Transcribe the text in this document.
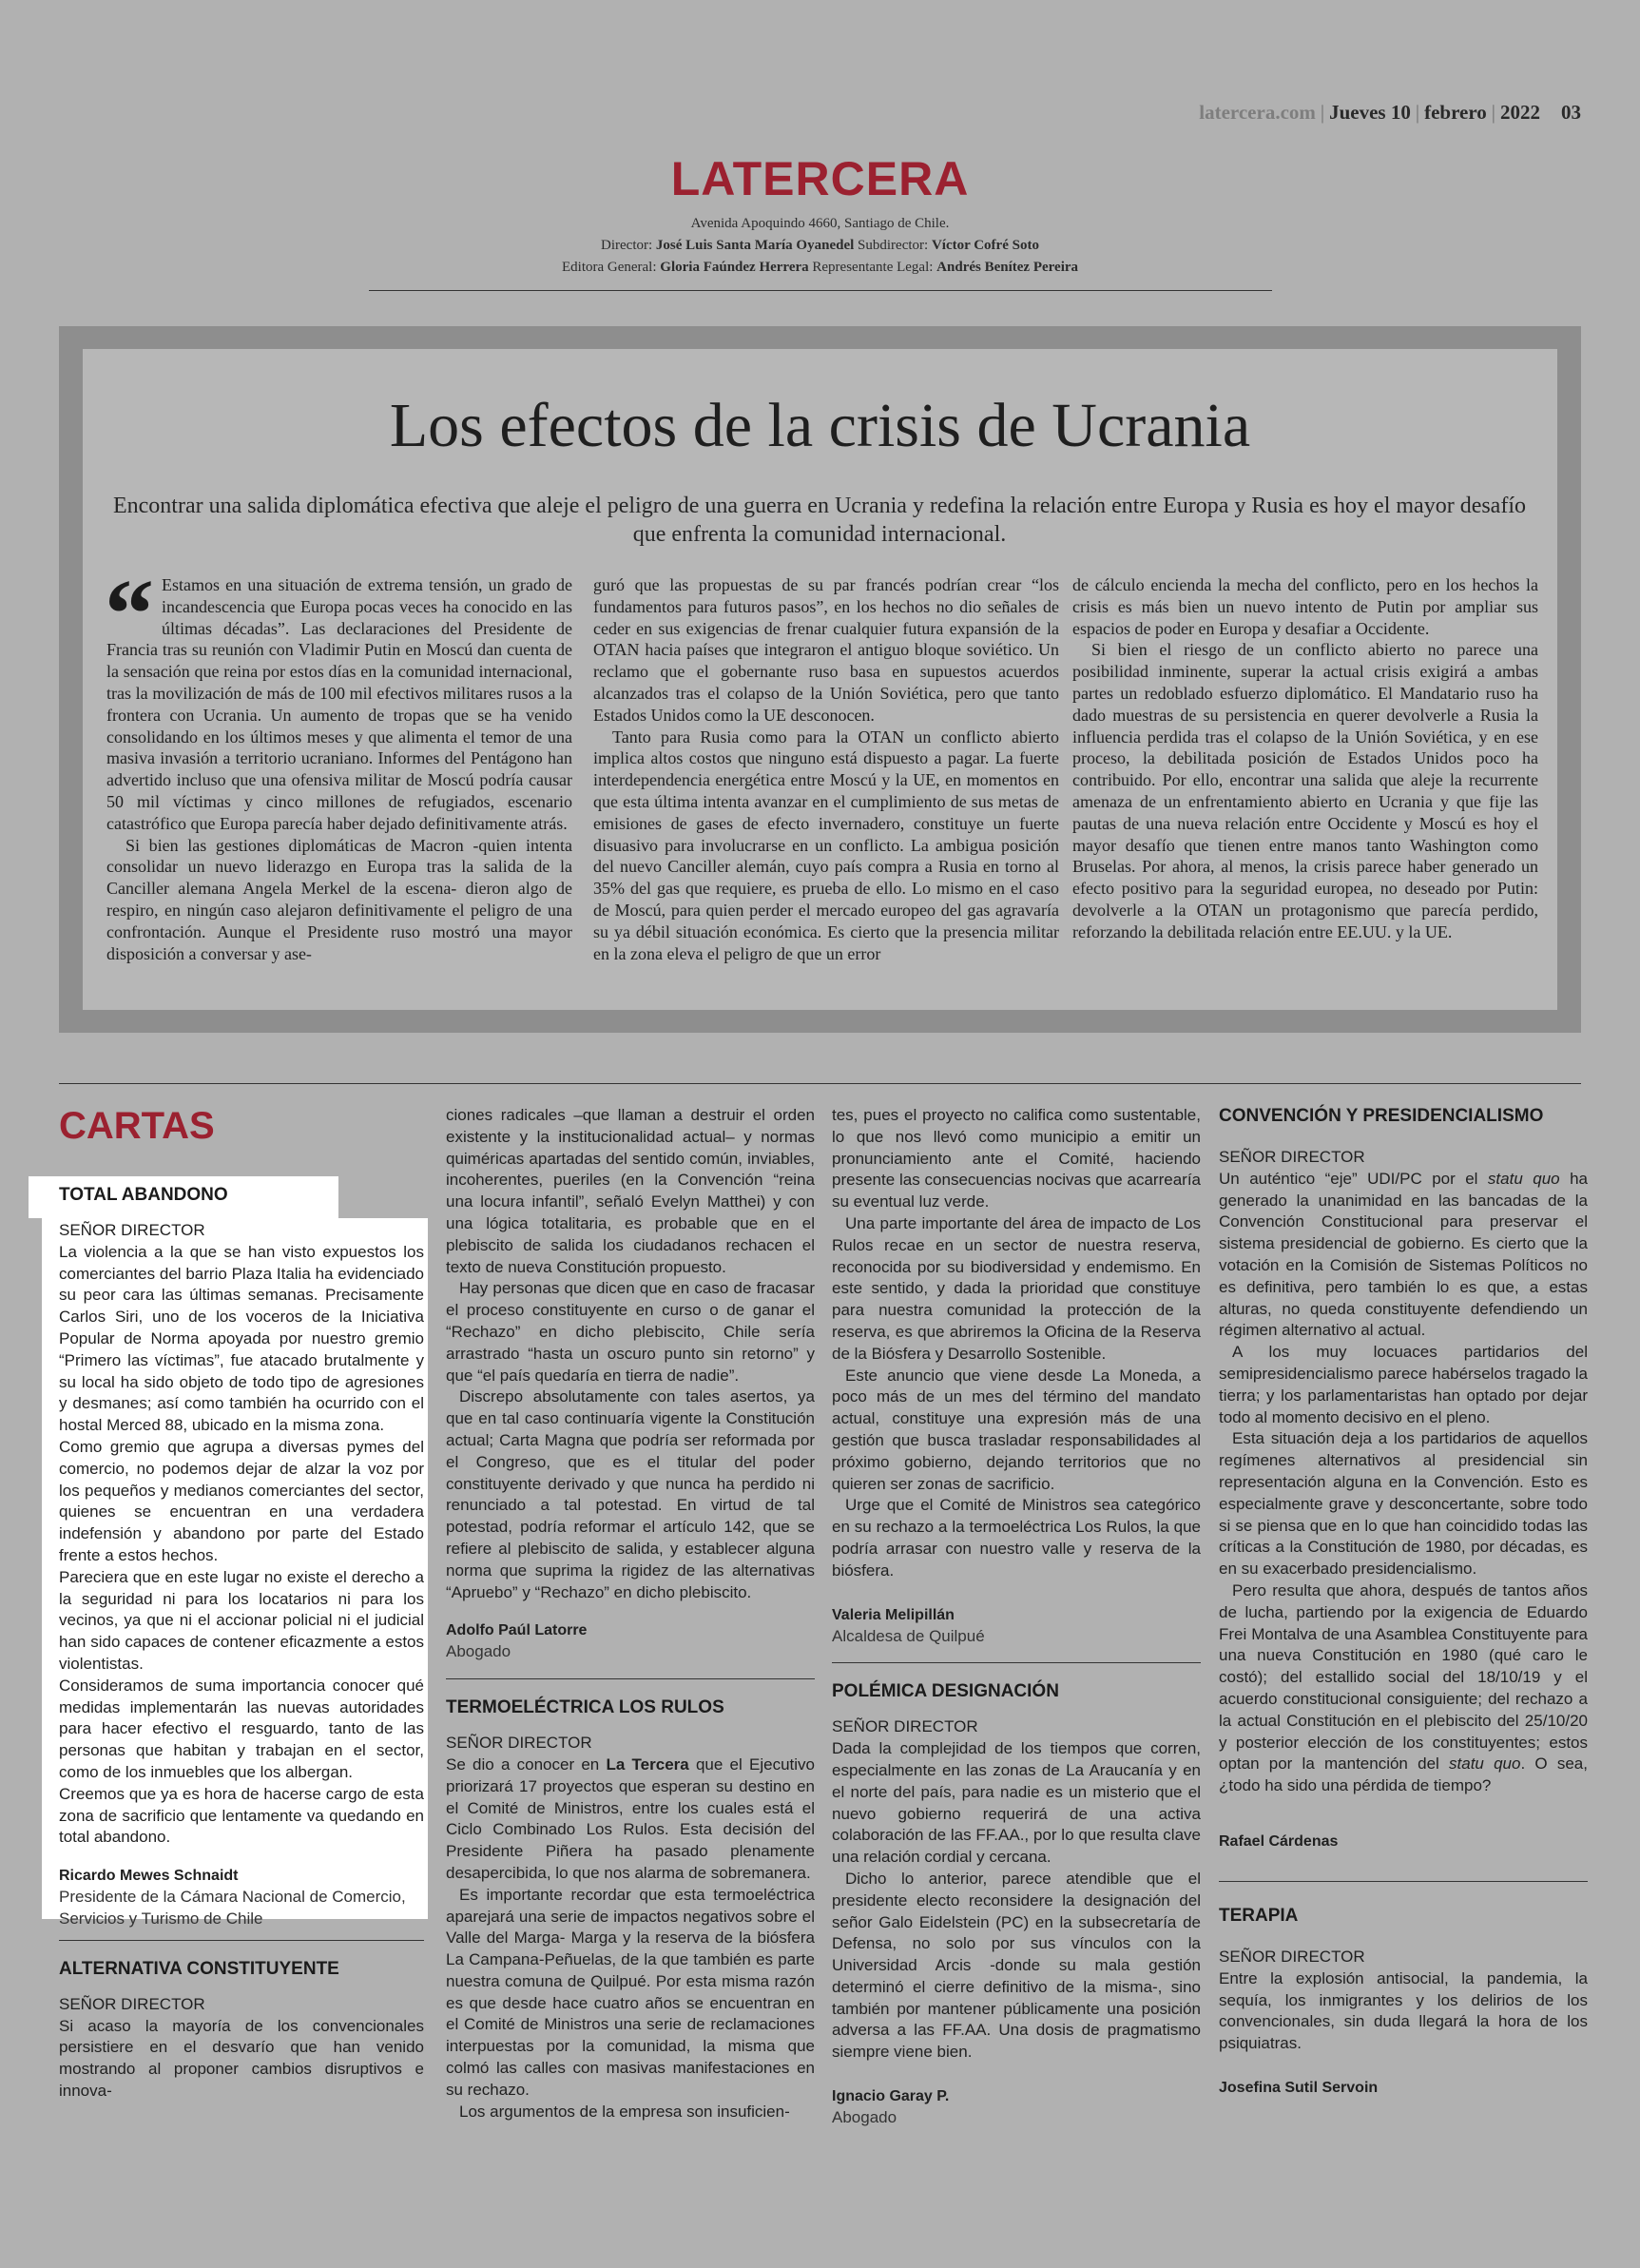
latercera.com | Jueves 10 | febrero | 2022 03
LATERCERA
Avenida Apoquindo 4660, Santiago de Chile.
Director: José Luis Santa María Oyanedel Subdirector: Víctor Cofré Soto
Editora General: Gloria Faúndez Herrera Representante Legal: Andrés Benítez Pereira
Los efectos de la crisis de Ucrania
Encontrar una salida diplomática efectiva que aleje el peligro de una guerra en Ucrania y redefina la relación entre Europa y Rusia es hoy el mayor desafío que enfrenta la comunidad internacional.
“ Estamos en una situación de extrema tensión, un grado de incandescencia que Europa pocas veces ha conocido en las últimas décadas”. Las declaraciones del Presidente de Francia tras su reunión con Vladimir Putin en Moscú dan cuenta de la sensación que reina por estos días en la comunidad internacional, tras la movilización de más de 100 mil efectivos militares rusos a la frontera con Ucrania. Un aumento de tropas que se ha venido consolidando en los últimos meses y que alimenta el temor de una masiva invasión a territorio ucraniano. Informes del Pentágono han advertido incluso que una ofensiva militar de Moscú podría causar 50 mil víctimas y cinco millones de refugiados, escenario catastrófico que Europa parecía haber dejado definitivamente atrás.

Si bien las gestiones diplomáticas de Macron -quien intenta consolidar un nuevo liderazgo en Europa tras la salida de la Canciller alemana Angela Merkel de la escena- dieron algo de respiro, en ningún caso alejaron definitivamente el peligro de una confrontación. Aunque el Presidente ruso mostró una mayor disposición a conversar y ase-

guró que las propuestas de su par francés podrían crear “los fundamentos para futuros pasos”, en los hechos no dio señales de ceder en sus exigencias de frenar cualquier futura expansión de la OTAN hacia países que integraron el antiguo bloque soviético. Un reclamo que el gobernante ruso basa en supuestos acuerdos alcanzados tras el colapso de la Unión Soviética, pero que tanto Estados Unidos como la UE desconocen.

Tanto para Rusia como para la OTAN un conflicto abierto implica altos costos que ninguno está dispuesto a pagar. La fuerte interdependencia energética entre Moscú y la UE, en momentos en que esta última intenta avanzar en el cumplimiento de sus metas de emisiones de gases de efecto invernadero, constituye un fuerte disuasivo para involucrarse en un conflicto. La ambigua posición del nuevo Canciller alemán, cuyo país compra a Rusia en torno al 35% del gas que requiere, es prueba de ello. Lo mismo en el caso de Moscú, para quien perder el mercado europeo del gas agravaría su ya débil situación económica. Es cierto que la presencia militar en la zona eleva el peligro de que un error

de cálculo encienda la mecha del conflicto, pero en los hechos la crisis es más bien un nuevo intento de Putin por ampliar sus espacios de poder en Europa y desafiar a Occidente.

Si bien el riesgo de un conflicto abierto no parece una posibilidad inminente, superar la actual crisis exigirá a ambas partes un redoblado esfuerzo diplomático. El Mandatario ruso ha dado muestras de su persistencia en querer devolverle a Rusia la influencia perdida tras el colapso de la Unión Soviética, y en ese proceso, la debilitada posición de Estados Unidos poco ha contribuido. Por ello, encontrar una salida que aleje la recurrente amenaza de un enfrentamiento abierto en Ucrania y que fije las pautas de una nueva relación entre Occidente y Moscú es hoy el mayor desafío que tienen entre manos tanto Washington como Bruselas. Por ahora, al menos, la crisis parece haber generado un efecto positivo para la seguridad europea, no deseado por Putin: devolverle a la OTAN un protagonismo que parecía perdido, reforzando la debilitada relación entre EE.UU. y la UE.

CARTAS
TOTAL ABANDONO
SEÑOR DIRECTOR

La violencia a la que se han visto expuestos los comerciantes del barrio Plaza Italia ha evidenciado su peor cara las últimas semanas. Precisamente Carlos Siri, uno de los voceros de la Iniciativa Popular de Norma apoyada por nuestro gremio “Primero las víctimas”, fue atacado brutalmente y su local ha sido objeto de todo tipo de agresiones y desmanes; así como también ha ocurrido con el hostal Merced 88, ubicado en la misma zona.

Como gremio que agrupa a diversas pymes del comercio, no podemos dejar de alzar la voz por los pequeños y medianos comerciantes del sector, quienes se encuentran en una verdadera indefensión y abandono por parte del Estado frente a estos hechos.

Pareciera que en este lugar no existe el derecho a la seguridad ni para los locatarios ni para los vecinos, ya que ni el accionar policial ni el judicial han sido capaces de contener eficazmente a estos violentistas.

Consideramos de suma importancia conocer qué medidas implementarán las nuevas autoridades para hacer efectivo el resguardo, tanto de las personas que habitan y trabajan en el sector, como de los inmuebles que los albergan.

Creemos que ya es hora de hacerse cargo de esta zona de sacrificio que lentamente va quedando en total abandono.

Ricardo Mewes Schnaidt
Presidente de la Cámara Nacional de Comercio, Servicios y Turismo de Chile
ALTERNATIVA CONSTITUYENTE
SEÑOR DIRECTOR

Si acaso la mayoría de los convencionales persistiere en el desvarío que han venido mostrando al proponer cambios disruptivos e innova-

ciones radicales –que llaman a destruir el orden existente y la institucionalidad actual– y normas quiméricas apartadas del sentido común, inviables, incoherentes, pueriles (en la Convención “reina una locura infantil”, señaló Evelyn Matthei) y con una lógica totalitaria, es probable que en el plebiscito de salida los ciudadanos rechacen el texto de nueva Constitución propuesto.

Hay personas que dicen que en caso de fracasar el proceso constituyente en curso o de ganar el “Rechazo” en dicho plebiscito, Chile sería arrastrado “hasta un oscuro punto sin retorno” y que “el país quedaría en tierra de nadie”.

Discrepo absolutamente con tales asertos, ya que en tal caso continuaría vigente la Constitución actual; Carta Magna que podría ser reformada por el Congreso, que es el titular del poder constituyente derivado y que nunca ha perdido ni renunciado a tal potestad. En virtud de tal potestad, podría reformar el artículo 142, que se refiere al plebiscito de salida, y establecer alguna norma que suprima la rigidez de las alternativas “Apruebo” y “Rechazo” en dicho plebiscito.

Adolfo Paúl Latorre
Abogado
TERMOELÉCTRICA LOS RULOS
SEÑOR DIRECTOR

Se dio a conocer en La Tercera que el Ejecutivo priorizará 17 proyectos que esperan su destino en el Comité de Ministros, entre los cuales está el Ciclo Combinado Los Rulos. Esta decisión del Presidente Piñera ha pasado plenamente desapercibida, lo que nos alarma de sobremanera.

Es importante recordar que esta termoeléctrica aparejará una serie de impactos negativos sobre el Valle del Marga- Marga y la reserva de la biósfera La Campana-Peñuelas, de la que también es parte nuestra comuna de Quilpué. Por esta misma razón es que desde hace cuatro años se encuentran en el Comité de Ministros una serie de reclamaciones interpuestas por la comunidad, la misma que colmó las calles con masivas manifestaciones en su rechazo.

Los argumentos de la empresa son insuficien-

tes, pues el proyecto no califica como sustentable, lo que nos llevó como municipio a emitir un pronunciamiento ante el Comité, haciendo presente las consecuencias nocivas que acarrearía su eventual luz verde.

Una parte importante del área de impacto de Los Rulos recae en un sector de nuestra reserva, reconocida por su biodiversidad y endemismo. En este sentido, y dada la prioridad que constituye para nuestra comunidad la protección de la reserva, es que abriremos la Oficina de la Reserva de la Biósfera y Desarrollo Sostenible.

Este anuncio que viene desde La Moneda, a poco más de un mes del término del mandato actual, constituye una expresión más de una gestión que busca trasladar responsabilidades al próximo gobierno, dejando territorios que no quieren ser zonas de sacrificio.

Urge que el Comité de Ministros sea categórico en su rechazo a la termoeléctrica Los Rulos, la que podría arrasar con nuestro valle y reserva de la biósfera.

Valeria Melipillán
Alcaldesa de Quilpué
POLÉMICA DESIGNACIÓN
SEÑOR DIRECTOR

Dada la complejidad de los tiempos que corren, especialmente en las zonas de La Araucanía y en el norte del país, para nadie es un misterio que el nuevo gobierno requerirá de una activa colaboración de las FF.AA., por lo que resulta clave una relación cordial y cercana.

Dicho lo anterior, parece atendible que el presidente electo reconsidere la designación del señor Galo Eidelstein (PC) en la subsecretaría de Defensa, no solo por sus vínculos con la Universidad Arcis -donde su mala gestión determinó el cierre definitivo de la misma-, sino también por mantener públicamente una posición adversa a las FF.AA. Una dosis de pragmatismo siempre viene bien.

Ignacio Garay P.
Abogado
CONVENCIÓN Y PRESIDENCIALISMO
SEÑOR DIRECTOR

Un auténtico “eje” UDI/PC por el statu quo ha generado la unanimidad en las bancadas de la Convención Constitucional para preservar el sistema presidencial de gobierno. Es cierto que la votación en la Comisión de Sistemas Políticos no es definitiva, pero también lo es que, a estas alturas, no queda constituyente defendiendo un régimen alternativo al actual.

A los muy locuaces partidarios del semipresidencialismo parece habérselos tragado la tierra; y los parlamentaristas han optado por dejar todo al momento decisivo en el pleno.

Esta situación deja a los partidarios de aquellos regímenes alternativos al presidencial sin representación alguna en la Convención. Esto es especialmente grave y desconcertante, sobre todo si se piensa que en lo que han coincidido todas las críticas a la Constitución de 1980, por décadas, es en su exacerbado presidencialismo.

Pero resulta que ahora, después de tantos años de lucha, partiendo por la exigencia de Eduardo Frei Montalva de una Asamblea Constituyente para una nueva Constitución en 1980 (qué caro le costó); del estallido social del 18/10/19 y el acuerdo constitucional consiguiente; del rechazo a la actual Constitución en el plebiscito del 25/10/20 y posterior elección de los constituyentes; estos optan por la mantención del statu quo. O sea, ¿todo ha sido una pérdida de tiempo?

Rafael Cárdenas
TERAPIA
SEÑOR DIRECTOR

Entre la explosión antisocial, la pandemia, la sequía, los inmigrantes y los delirios de los convencionales, sin duda llegará la hora de los psiquiatras.

Josefina Sutil Servoin
